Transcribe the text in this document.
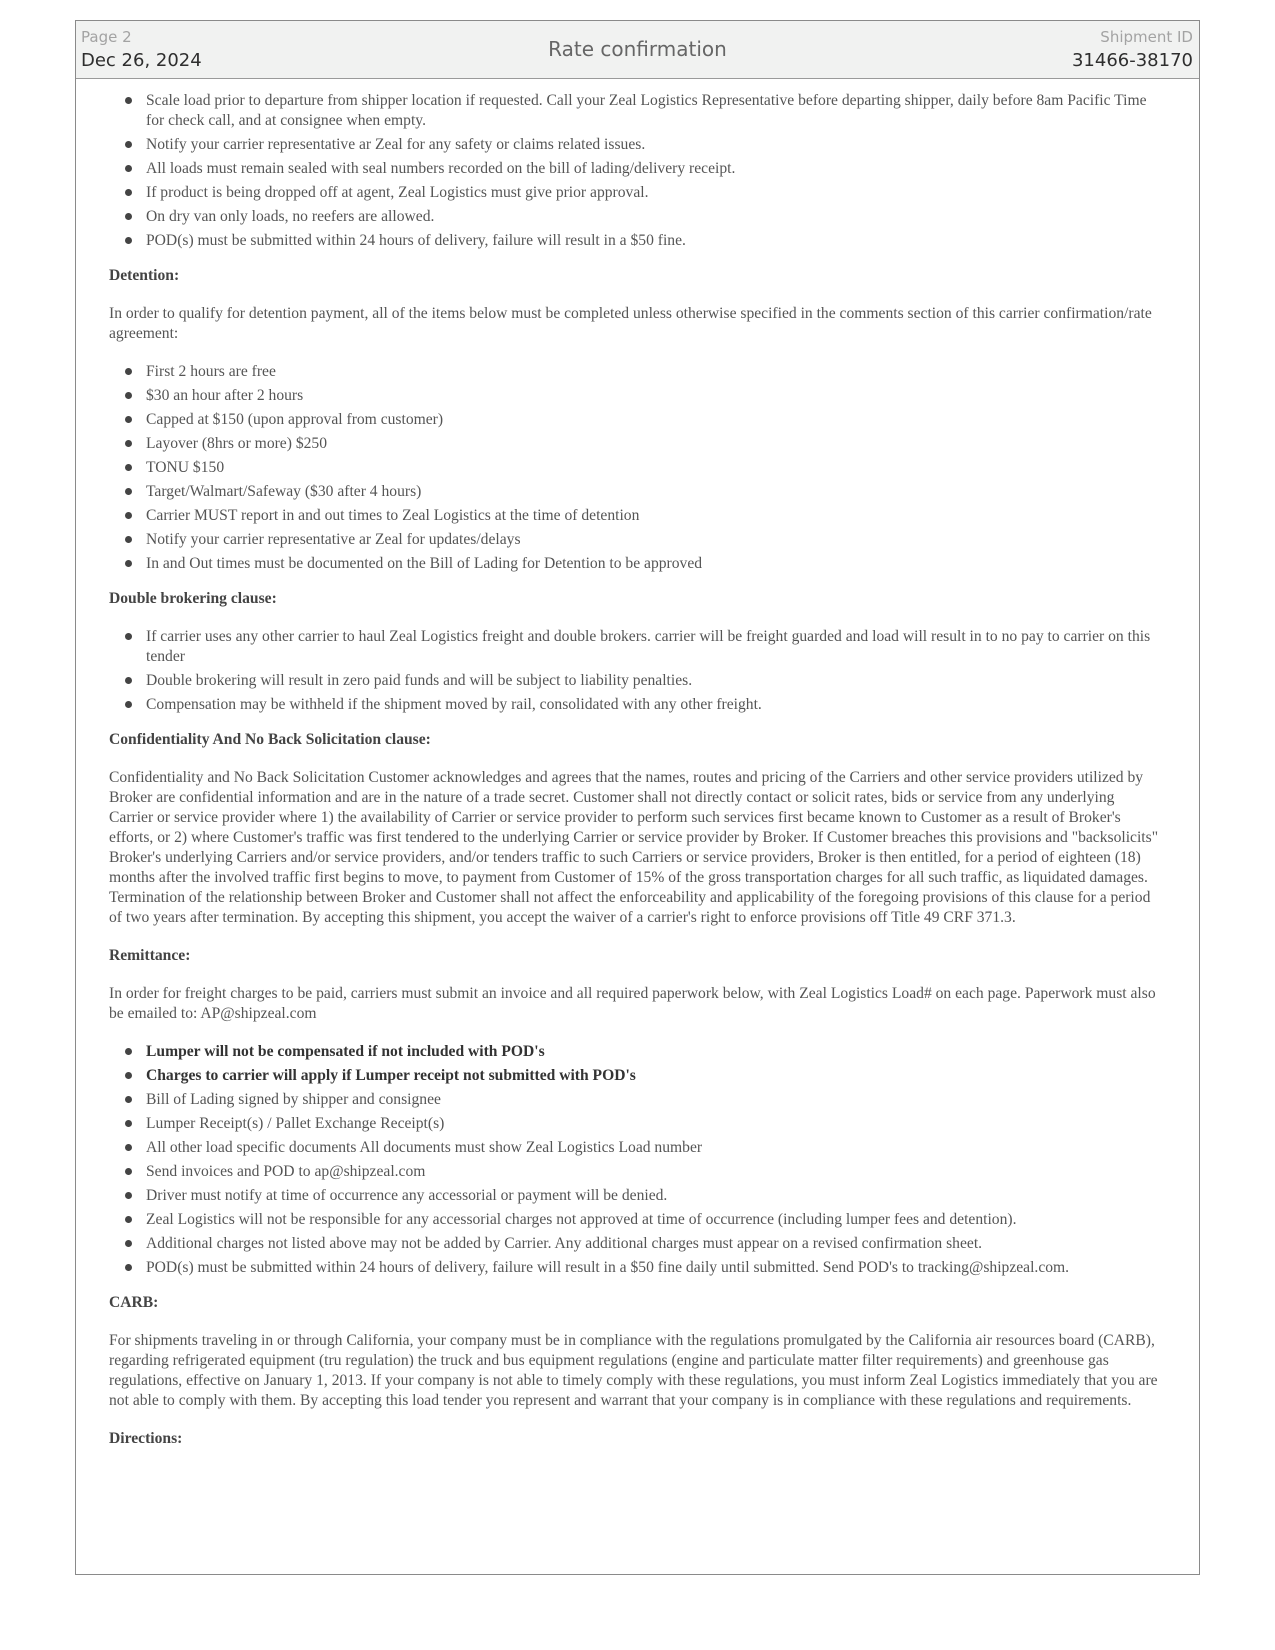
Page 2
Dec 26, 2024	Rate confirmation	Shipment ID
31466-38170
Scale load prior to departure from shipper location if requested. Call your Zeal Logistics Representative before departing shipper, daily before 8am Pacific Time for check call, and at consignee when empty.
Notify your carrier representative ar Zeal for any safety or claims related issues.
All loads must remain sealed with seal numbers recorded on the bill of lading/delivery receipt.
If product is being dropped off at agent, Zeal Logistics must give prior approval.
On dry van only loads, no reefers are allowed.
POD(s) must be submitted within 24 hours of delivery, failure will result in a $50 fine.
Detention:

In order to qualify for detention payment, all of the items below must be completed unless otherwise specified in the comments section of this carrier confirmation/rate agreement:

First 2 hours are free
$30 an hour after 2 hours
Capped at $150 (upon approval from customer)
Layover (8hrs or more) $250
TONU $150
Target/Walmart/Safeway ($30 after 4 hours)
Carrier MUST report in and out times to Zeal Logistics at the time of detention
Notify your carrier representative ar Zeal for updates/delays
In and Out times must be documented on the Bill of Lading for Detention to be approved
Double brokering clause:
If carrier uses any other carrier to haul Zeal Logistics freight and double brokers. carrier will be freight guarded and load will result in to no pay to carrier on this tender
Double brokering will result in zero paid funds and will be subject to liability penalties.
Compensation may be withheld if the shipment moved by rail, consolidated with any other freight.
Confidentiality And No Back Solicitation clause:

Confidentiality and No Back Solicitation Customer acknowledges and agrees that the names, routes and pricing of the Carriers and other service providers utilized by Broker are confidential information and are in the nature of a trade secret. Customer shall not directly contact or solicit rates, bids or service from any underlying Carrier or service provider where 1) the availability of Carrier or service provider to perform such services first became known to Customer as a result of Broker's efforts, or 2) where Customer's traffic was first tendered to the underlying Carrier or service provider by Broker. If Customer breaches this provisions and "backsolicits" Broker's underlying Carriers and/or service providers, and/or tenders traffic to such Carriers or service providers, Broker is then entitled, for a period of eighteen (18) months after the involved traffic first begins to move, to payment from Customer of 15% of the gross transportation charges for all such traffic, as liquidated damages. Termination of the relationship between Broker and Customer shall not affect the enforceability and applicability of the foregoing provisions of this clause for a period of two years after termination. By accepting this shipment, you accept the waiver of a carrier's right to enforce provisions off Title 49 CRF 371.3.

Remittance:

In order for freight charges to be paid, carriers must submit an invoice and all required paperwork below, with Zeal Logistics Load# on each page. Paperwork must also be emailed to: AP@shipzeal.com

Lumper will not be compensated if not included with POD's
Charges to carrier will apply if Lumper receipt not submitted with POD's
Bill of Lading signed by shipper and consignee
Lumper Receipt(s) / Pallet Exchange Receipt(s)
All other load specific documents All documents must show Zeal Logistics Load number
Send invoices and POD to ap@shipzeal.com
Driver must notify at time of occurrence any accessorial or payment will be denied.
Zeal Logistics will not be responsible for any accessorial charges not approved at time of occurrence (including lumper fees and detention).
Additional charges not listed above may not be added by Carrier. Any additional charges must appear on a revised confirmation sheet.
POD(s) must be submitted within 24 hours of delivery, failure will result in a $50 fine daily until submitted. Send POD's to tracking@shipzeal.com.
CARB:

For shipments traveling in or through California, your company must be in compliance with the regulations promulgated by the California air resources board (CARB), regarding refrigerated equipment (tru regulation) the truck and bus equipment regulations (engine and particulate matter filter requirements) and greenhouse gas regulations, effective on January 1, 2013. If your company is not able to timely comply with these regulations, you must inform Zeal Logistics immediately that you are not able to comply with them. By accepting this load tender you represent and warrant that your company is in compliance with these regulations and requirements.

Directions:
